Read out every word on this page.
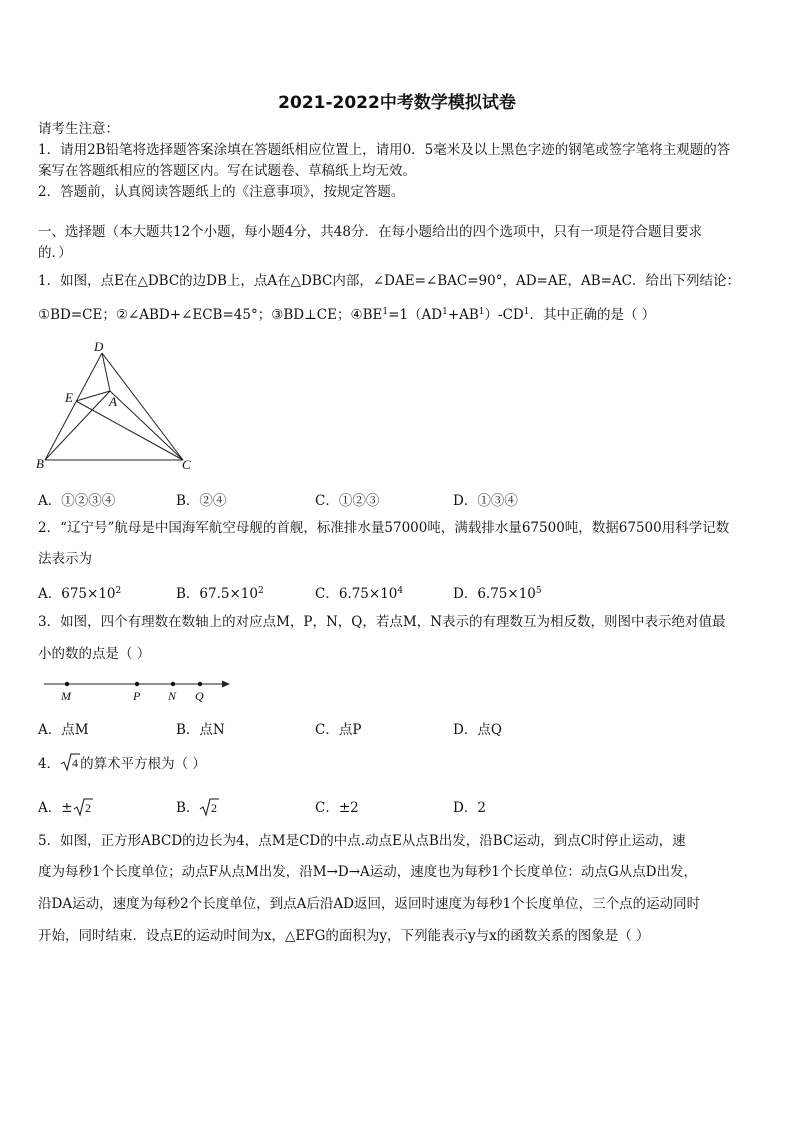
2021-2022中考数学模拟试卷
请考生注意：
1．请用2B铅笔将选择题答案涂填在答题纸相应位置上，请用0．5毫米及以上黑色字迹的钢笔或签字笔将主观题的答
案写在答题纸相应的答题区内。写在试题卷、草稿纸上均无效。
2．答题前，认真阅读答题纸上的《注意事项》，按规定答题。
一、选择题（本大题共12个小题，每小题4分，共48分．在每小题给出的四个选项中，只有一项是符合题目要求
的．）
1．如图，点E在△DBC的边DB上，点A在△DBC内部，∠DAE=∠BAC=90°，AD=AE，AB=AC．给出下列结论：
①BD=CE；②∠ABD+∠ECB=45°；③BD⊥CE；$④BE^1=1(AD^1+AB^1)-CD^1$．其中正确的是（ ）
D
E	A
B	C
A．①②③④	B．②④	C．①②③	D．①③④
2．“辽宁号”航母是中国海军航空母舰的首舰，标准排水量57000吨，满载排水量67500吨，数据67500用科学记数
法表示为
A．$675\times 10^2$	B．$67.5\times 10^2$	C．$6.75\times 10^4$	D．$6.75\times 10^5$
3．如图，四个有理数在数轴上的对应点M，P，N，Q，若点M，N表示的有理数互为相反数，则图中表示绝对值最
小的数的点是（ ）
M	P N Q
A．点M	B．点N	C．点P	D．点Q
4． 4 的算术平方根为（ ）
A．± 2	B． 2	C．±2	D．2
5．如图，正方形ABCD的边长为4，点M是CD的中点.动点E从点B出发，沿BC运动，到点C时停止运动，速
度为每秒1个长度单位；动点F从点M出发，沿M→D→A运动，速度也为每秒1个长度单位：动点G从点D出发，
沿DA运动，速度为每秒2个长度单位，到点A后沿AD返回，返回时速度为每秒1个长度单位，三个点的运动同时
开始，同时结束．设点E的运动时间为x，△EFG的面积为y，下列能表示y与x的函数关系的图象是（ ）
